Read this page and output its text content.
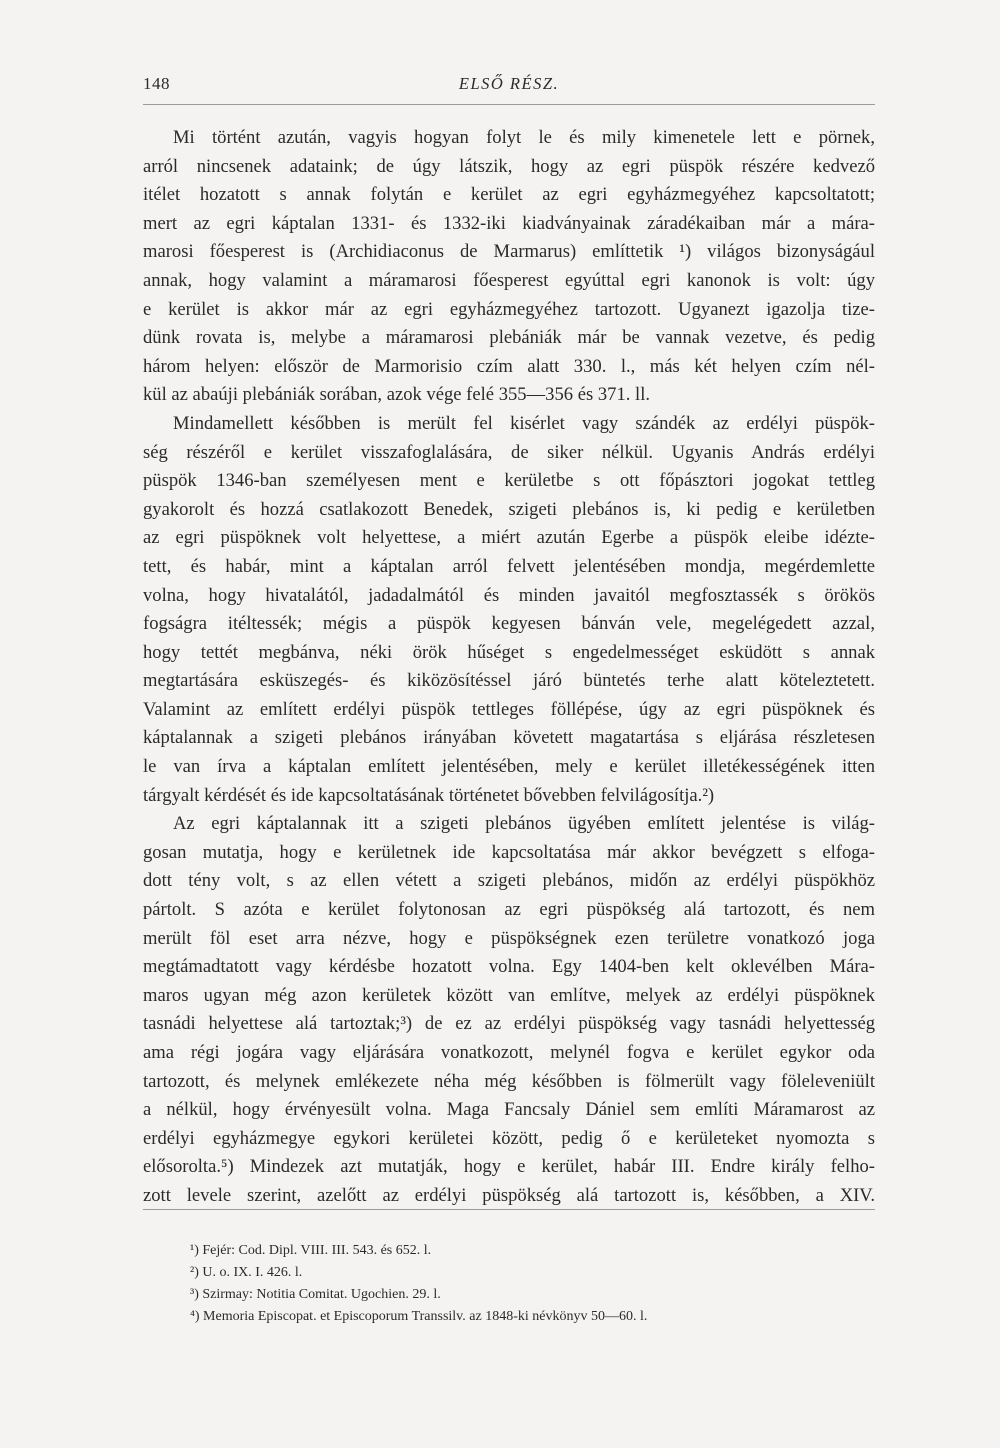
148	ELSŐ RÉSZ.
Mi történt azután, vagyis hogyan folyt le és mily kimenetele lett e pörnek,
arról nincsenek adataink; de úgy látszik, hogy az egri püspök részére kedvező
itélet hozatott s annak folytán e kerület az egri egyházmegyéhez kapcsoltatott;
mert az egri káptalan 1331- és 1332-iki kiadványainak záradékaiban már a mára-
marosi főesperest is (Archidiaconus de Marmarus) említtetik ¹) világos bizonyságául
annak, hogy valamint a máramarosi főesperest egyúttal egri kanonok is volt: úgy
e kerület is akkor már az egri egyházmegyéhez tartozott. Ugyanezt igazolja tize-
dünk rovata is, melybe a máramarosi plebániák már be vannak vezetve, és pedig
három helyen: először de Marmorisio czím alatt 330. l., más két helyen czím nél-
kül az abaúji plebániák sorában, azok vége felé 355—356 és 371. ll.
Mindamellett későbben is merült fel kisérlet vagy szándék az erdélyi püspök-
ség részéről e kerület visszafoglalására, de siker nélkül. Ugyanis András erdélyi
püspök 1346-ban személyesen ment e kerületbe s ott főpásztori jogokat tettleg
gyakorolt és hozzá csatlakozott Benedek, szigeti plebános is, ki pedig e kerületben
az egri püspöknek volt helyettese, a miért azután Egerbe a püspök eleibe idézte-
tett, és habár, mint a káptalan arról felvett jelentésében mondja, megérdemlette
volna, hogy hivatalától, jadadalmától és minden javaitól megfosztassék s örökös
fogságra itéltessék; mégis a püspök kegyesen bánván vele, megelégedett azzal,
hogy tettét megbánva, néki örök hűséget s engedelmességet esküdött s annak
megtartására esküszegés- és kiközösítéssel járó büntetés terhe alatt köteleztetett.
Valamint az említett erdélyi püspök tettleges föllépése, úgy az egri püspöknek és
káptalannak a szigeti plebános irányában követett magatartása s eljárása részletesen
le van írva a káptalan említett jelentésében, mely e kerület illetékességének itten
tárgyalt kérdését és ide kapcsoltatásának történetet bővebben felvilágosítja.²)
Az egri káptalannak itt a szigeti plebános ügyében említett jelentése is világ-
gosan mutatja, hogy e kerületnek ide kapcsoltatása már akkor bevégzett s elfoga-
dott tény volt, s az ellen vétett a szigeti plebános, midőn az erdélyi püspökhöz
pártolt. S azóta e kerület folytonosan az egri püspökség alá tartozott, és nem
merült föl eset arra nézve, hogy e püspökségnek ezen területre vonatkozó joga
megtámadtatott vagy kérdésbe hozatott volna. Egy 1404-ben kelt oklevélben Mára-
maros ugyan még azon kerületek között van említve, melyek az erdélyi püspöknek
tasnádi helyettese alá tartoztak;³) de ez az erdélyi püspökség vagy tasnádi helyettesség
ama régi jogára vagy eljárására vonatkozott, melynél fogva e kerület egykor oda
tartozott, és melynek emlékezete néha még későbben is fölmerült vagy föleleveniült
a nélkül, hogy érvényesült volna. Maga Fancsaly Dániel sem említi Máramarost az
erdélyi egyházmegye egykori kerületei között, pedig ő e kerületeket nyomozta s
elősorolta.⁵) Mindezek azt mutatják, hogy e kerület, habár III. Endre király felho-
zott levele szerint, azelőtt az erdélyi püspökség alá tartozott is, későbben, a XIV.
¹) Fejér: Cod. Dipl. VIII. III. 543. és 652. l.
²) U. o. IX. I. 426. l.
³) Szirmay: Notitia Comitat. Ugochien. 29. l.
⁴) Memoria Episcopat. et Episcoporum Transsilv. az 1848-ki névkönyv 50—60. l.
